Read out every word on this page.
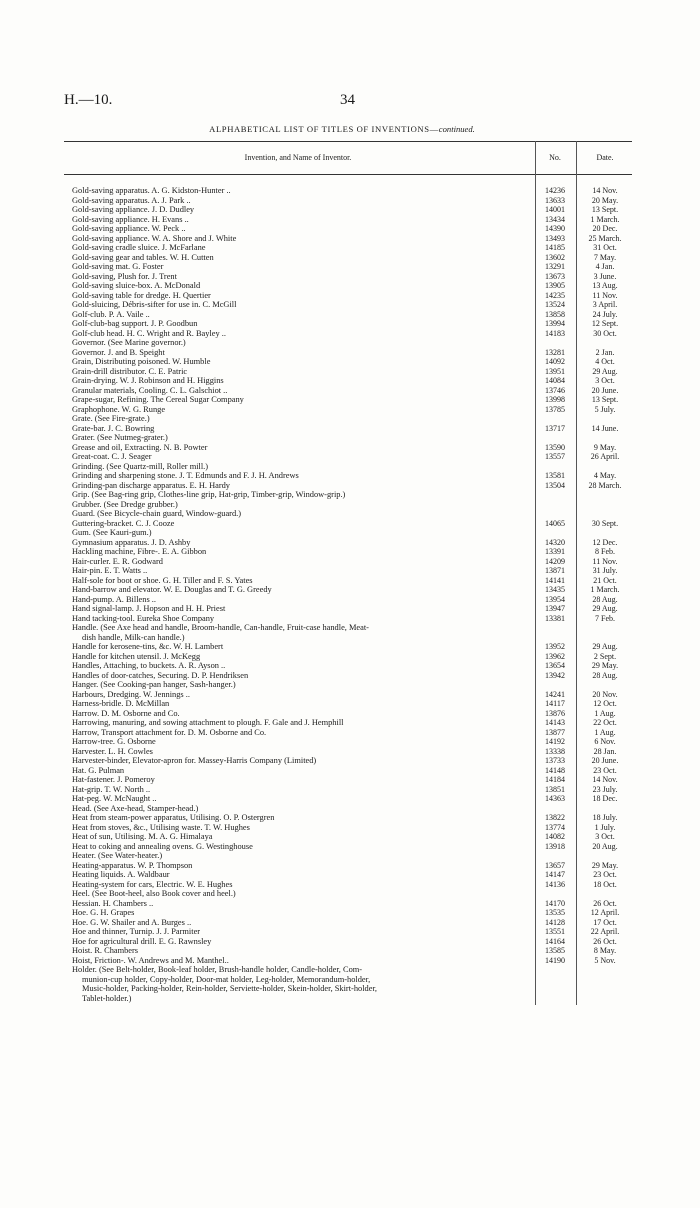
H.—10.	34
ALPHABETICAL LIST OF TITLES OF INVENTIONS—continued.
Invention, and Name of Inventor.	No.	Date.
Gold-saving apparatus. A. G. Kidston-Hunter ..	14236	14 Nov.
Gold-saving apparatus. A. J. Park ..	13633	20 May.
Gold-saving appliance. J. D. Dudley	14001	13 Sept.
Gold-saving appliance. H. Evans ..	13434	1 March.
Gold-saving appliance. W. Peck ..	14390	20 Dec.
Gold-saving appliance. W. A. Shore and J. White	13493	25 March.
Gold-saving cradle sluice. J. McFarlane	14185	31 Oct.
Gold-saving gear and tables. W. H. Cutten	13602	7 May.
Gold-saving mat. G. Foster	13291	4 Jan.
Gold-saving, Plush for. J. Trent	13673	3 June.
Gold-saving sluice-box. A. McDonald	13905	13 Aug.
Gold-saving table for dredge. H. Quertier	14235	11 Nov.
Gold-sluicing, Débris-sifter for use in. C. McGill	13524	3 April.
Golf-club. P. A. Vaile ..	13858	24 July.
Golf-club-bag support. J. P. Goodbun	13994	12 Sept.
Golf-club head. H. C. Wright and R. Bayley ..	14183	30 Oct.
Governor. (See Marine governor.)
Governor. J. and B. Speight	13281	2 Jan.
Grain, Distributing poisoned. W. Humble	14092	4 Oct.
Grain-drill distributor. C. E. Patric	13951	29 Aug.
Grain-drying. W. J. Robinson and H. Higgins	14084	3 Oct.
Granular materials, Cooling. C. L. Galschiot ..	13746	20 June.
Grape-sugar, Refining. The Cereal Sugar Company	13998	13 Sept.
Graphophone. W. G. Runge	13785	5 July.
Grate. (See Fire-grate.)
Grate-bar. J. C. Bowring	13717	14 June.
Grater. (See Nutmeg-grater.)
Grease and oil, Extracting. N. B. Powter	13590	9 May.
Great-coat. C. J. Seager	13557	26 April.
Grinding. (See Quartz-mill, Roller mill.)
Grinding and sharpening stone. J. T. Edmunds and F. J. H. Andrews	13581	4 May.
Grinding-pan discharge apparatus. E. H. Hardy	13504	28 March.
Grip. (See Bag-ring grip, Clothes-line grip, Hat-grip, Timber-grip, Window-grip.)
Grubber. (See Dredge grubber.)
Guard. (See Bicycle-chain guard, Window-guard.)
Guttering-bracket. C. J. Cooze	14065	30 Sept.
Gum. (See Kauri-gum.)
Gymnasium apparatus. J. D. Ashby	14320	12 Dec.
Hackling machine, Fibre-. E. A. Gibbon	13391	8 Feb.
Hair-curler. E. R. Godward	14209	11 Nov.
Hair-pin. E. T. Watts ..	13871	31 July.
Half-sole for boot or shoe. G. H. Tiller and F. S. Yates	14141	21 Oct.
Hand-barrow and elevator. W. E. Douglas and T. G. Greedy	13435	1 March.
Hand-pump. A. Billens ..	13954	28 Aug.
Hand signal-lamp. J. Hopson and H. H. Priest	13947	29 Aug.
Hand tacking-tool. Eureka Shoe Company	13381	7 Feb.
Handle. (See Axe head and handle, Broom-handle, Can-handle, Fruit-case handle, Meat-
dish handle, Milk-can handle.)
Handle for kerosene-tins, &c. W. H. Lambert	13952	29 Aug.
Handle for kitchen utensil. J. McKegg	13962	2 Sept.
Handles, Attaching, to buckets. A. R. Ayson ..	13654	29 May.
Handles of door-catches, Securing. D. P. Hendriksen	13942	28 Aug.
Hanger. (See Cooking-pan hanger, Sash-hanger.)
Harbours, Dredging. W. Jennings ..	14241	20 Nov.
Harness-bridle. D. McMillan	14117	12 Oct.
Harrow. D. M. Osborne and Co.	13876	1 Aug.
Harrowing, manuring, and sowing attachment to plough. F. Gale and J. Hemphill	14143	22 Oct.
Harrow, Transport attachment for. D. M. Osborne and Co.	13877	1 Aug.
Harrow-tree. G. Osborne	14192	6 Nov.
Harvester. L. H. Cowles	13338	28 Jan.
Harvester-binder, Elevator-apron for. Massey-Harris Company (Limited)	13733	20 June.
Hat. G. Pulman	14148	23 Oct.
Hat-fastener. J. Pomeroy	14184	14 Nov.
Hat-grip. T. W. North ..	13851	23 July.
Hat-peg. W. McNaught ..	14363	18 Dec.
Head. (See Axe-head, Stamper-head.)
Heat from steam-power apparatus, Utilising. O. P. Ostergren	13822	18 July.
Heat from stoves, &c., Utilising waste. T. W. Hughes	13774	1 July.
Heat of sun, Utilising. M. A. G. Himalaya	14082	3 Oct.
Heat to coking and annealing ovens. G. Westinghouse	13918	20 Aug.
Heater. (See Water-heater.)
Heating-apparatus. W. P. Thompson	13657	29 May.
Heating liquids. A. Waldbaur	14147	23 Oct.
Heating-system for cars, Electric. W. E. Hughes	14136	18 Oct.
Heel. (See Boot-heel, also Book cover and heel.)
Hessian. H. Chambers ..	14170	26 Oct.
Hoe. G. H. Grapes	13535	12 April.
Hoe. G. W. Shailer and A. Burges ..	14128	17 Oct.
Hoe and thinner, Turnip. J. J. Parmiter	13551	22 April.
Hoe for agricultural drill. E. G. Rawnsley	14164	26 Oct.
Hoist. R. Chambers	13585	8 May.
Hoist, Friction-. W. Andrews and M. Manthel..	14190	5 Nov.
Holder. (See Belt-holder, Book-leaf holder, Brush-handle holder, Candle-holder, Com-
munion-cup holder, Copy-holder, Door-mat holder, Leg-holder, Memorandum-holder,
Music-holder, Packing-holder, Rein-holder, Serviette-holder, Skein-holder, Skirt-holder,
Tablet-holder.)
